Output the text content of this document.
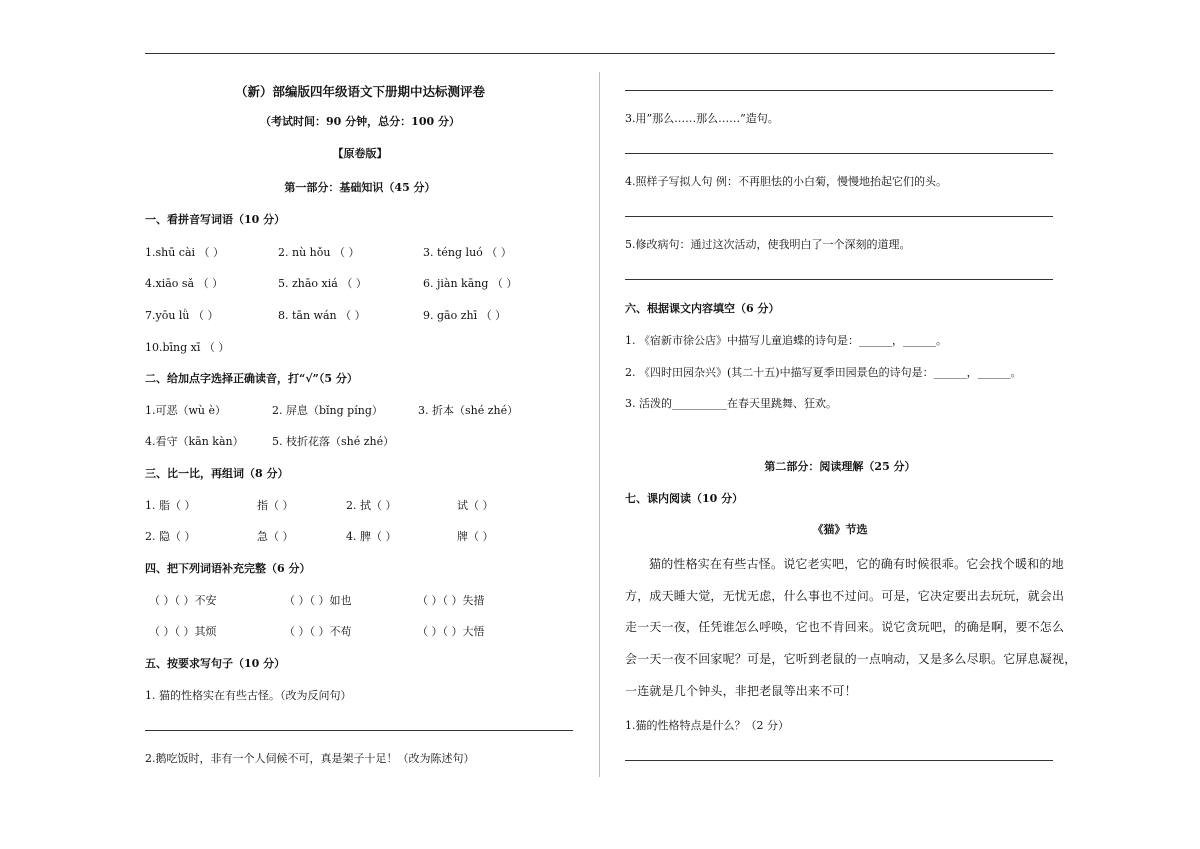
（新）部编版四年级语文下册期中达标测评卷
（考试时间：90 分钟，总分：100 分）
【原卷版】
第一部分：基础知识（45 分）
一、看拼音写词语（10 分）
1.shū cài （ ）	2. nù hǒu （ ）	3. téng luó （ ）
4.xiāo sǎ （ ）	5. zhāo xiá （ ）	6. jiàn kāng （ ）
7.yōu lǜ （ ）	8. tān wán （ ）	9. gāo zhī （ ）
10.bīng xī （ ）
二、给加点字选择正确读音，打“√”（5 分）
1.可恶（wù è）	2. 屏息（bǐng píng）	3. 折本（shé zhé）
4.看守（kān kàn）	5. 枝折花落（shé zhé）
三、比一比，再组词（8 分）
1. 脂（ ）	指（ ）	2. 拭（ ）	试（ ）
2. 隐（ ）	急（ ）	4. 脾（ ）	牌（ ）
四、把下列词语补充完整（6 分）
（ ）（ ）不安	（ ）（ ）如也	（ ）（ ）失措
（ ）（ ）其烦	（ ）（ ）不苟	（ ）（ ）大悟
五、按要求写句子（10 分）
1. 猫的性格实在有些古怪。（改为反问句）
2.鹅吃饭时，非有一个人伺候不可，真是架子十足！（改为陈述句）
3.用”那么……那么……”造句。
4.照样子写拟人句 例：不再胆怯的小白菊，慢慢地抬起它们的头。
5.修改病句：通过这次活动，使我明白了一个深刻的道理。
六、根据课文内容填空（6 分）
1. 《宿新市徐公店》中描写儿童追蝶的诗句是：______，______。
2. 《四时田园杂兴》(其二十五)中描写夏季田园景色的诗句是：______，______。
3. 活泼的__________在春天里跳舞、狂欢。
第二部分：阅读理解（25 分）
七、课内阅读（10 分）
《猫》节选
猫的性格实在有些古怪。说它老实吧，它的确有时候很乖。它会找个暖和的地
方，成天睡大觉，无忧无虑，什么事也不过问。可是，它决定要出去玩玩，就会出
走一天一夜，任凭谁怎么呼唤，它也不肯回来。说它贪玩吧，的确是啊，要不怎么
会一天一夜不回家呢？可是，它听到老鼠的一点响动，又是多么尽职。它屏息凝视，
一连就是几个钟头，非把老鼠等出来不可！
1.猫的性格特点是什么？（2 分）
